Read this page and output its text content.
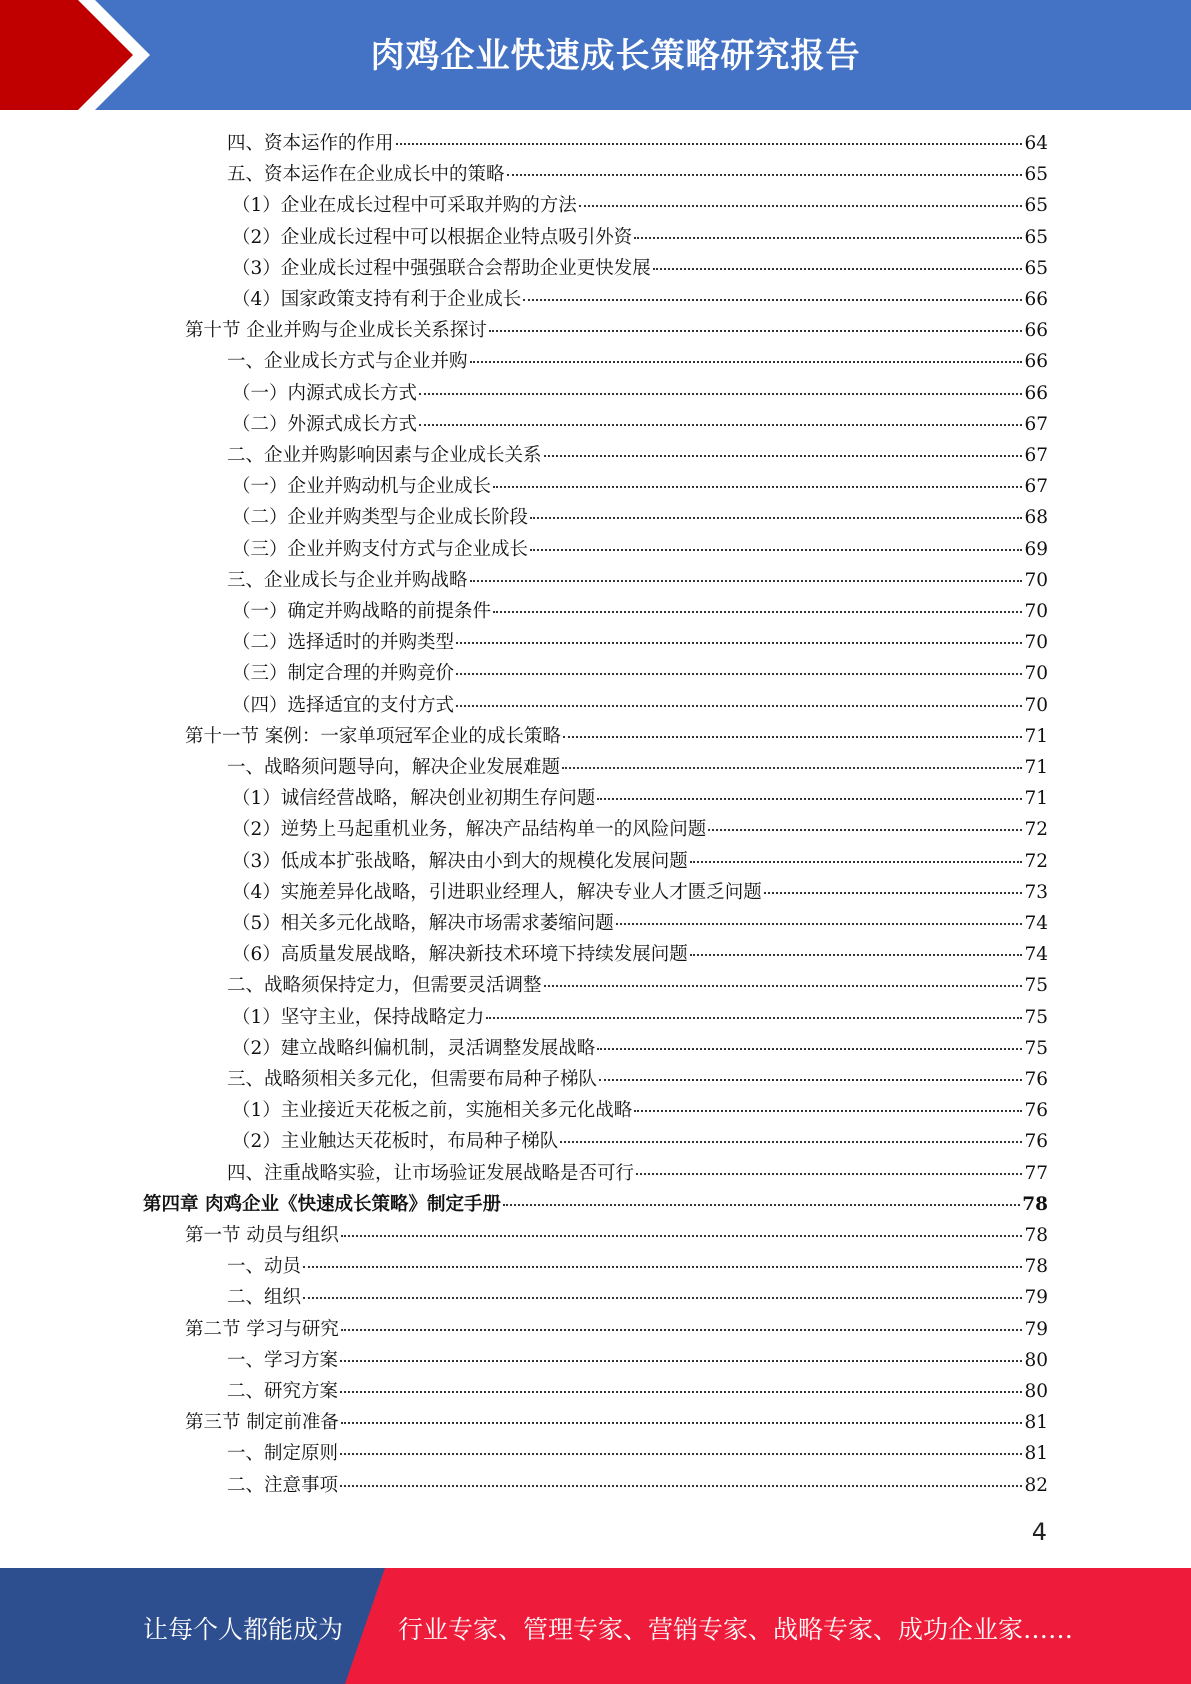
肉鸡企业快速成长策略研究报告
四、资本运作的作用	64
五、资本运作在企业成长中的策略	65
（1）企业在成长过程中可采取并购的方法	65
（2）企业成长过程中可以根据企业特点吸引外资	65
（3）企业成长过程中强强联合会帮助企业更快发展	65
（4）国家政策支持有利于企业成长	66
第十节 企业并购与企业成长关系探讨	66
一、企业成长方式与企业并购	66
（一）内源式成长方式	66
（二）外源式成长方式	67
二、企业并购影响因素与企业成长关系	67
（一）企业并购动机与企业成长	67
（二）企业并购类型与企业成长阶段	68
（三）企业并购支付方式与企业成长	69
三、企业成长与企业并购战略	70
（一）确定并购战略的前提条件	70
（二）选择适时的并购类型	70
（三）制定合理的并购竞价	70
（四）选择适宜的支付方式	70
第十一节 案例：一家单项冠军企业的成长策略	71
一、战略须问题导向，解决企业发展难题	71
（1）诚信经营战略，解决创业初期生存问题	71
（2）逆势上马起重机业务，解决产品结构单一的风险问题	72
（3）低成本扩张战略，解决由小到大的规模化发展问题	72
（4）实施差异化战略，引进职业经理人，解决专业人才匮乏问题	73
（5）相关多元化战略，解决市场需求萎缩问题	74
（6）高质量发展战略，解决新技术环境下持续发展问题	74
二、战略须保持定力，但需要灵活调整	75
（1）坚守主业，保持战略定力	75
（2）建立战略纠偏机制，灵活调整发展战略	75
三、战略须相关多元化，但需要布局种子梯队	76
（1）主业接近天花板之前，实施相关多元化战略	76
（2）主业触达天花板时，布局种子梯队	76
四、注重战略实验，让市场验证发展战略是否可行	77
第四章 肉鸡企业《快速成长策略》制定手册	78
第一节 动员与组织	78
一、动员	78
二、组织	79
第二节 学习与研究	79
一、学习方案	80
二、研究方案	80
第三节 制定前准备	81
一、制定原则	81
二、注意事项	82
4
让每个人都能成为 行业专家、管理专家、营销专家、战略专家、成功企业家……
